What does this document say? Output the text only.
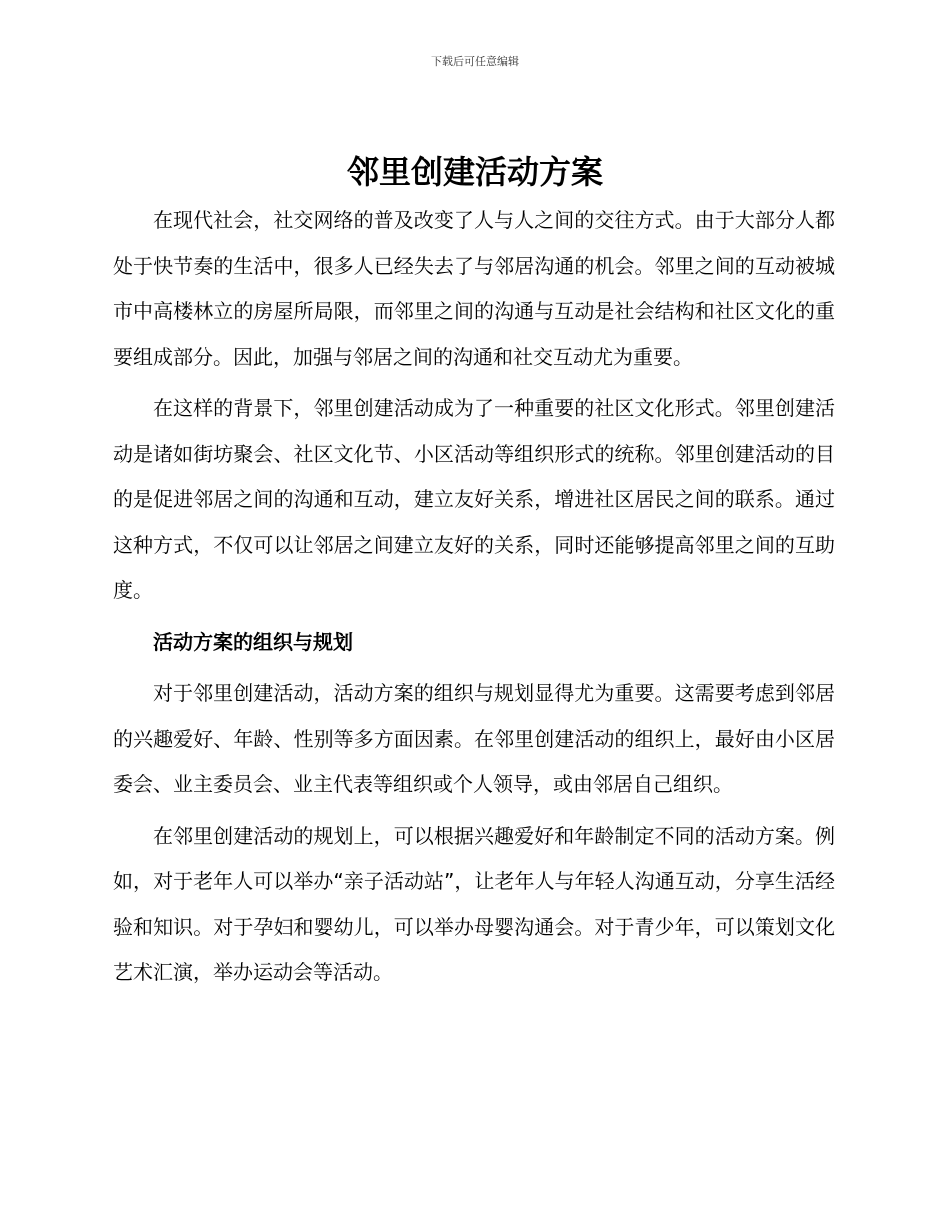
下载后可任意编辑
邻里创建活动方案

在现代社会，社交网络的普及改变了人与人之间的交往方式。由于大部分人都处于快节奏的生活中，很多人已经失去了与邻居沟通的机会。邻里之间的互动被城市中高楼林立的房屋所局限，而邻里之间的沟通与互动是社会结构和社区文化的重要组成部分。因此，加强与邻居之间的沟通和社交互动尤为重要。

在这样的背景下，邻里创建活动成为了一种重要的社区文化形式。邻里创建活动是诸如街坊聚会、社区文化节、小区活动等组织形式的统称。邻里创建活动的目的是促进邻居之间的沟通和互动，建立友好关系，增进社区居民之间的联系。通过这种方式，不仅可以让邻居之间建立友好的关系，同时还能够提高邻里之间的互助度。

活动方案的组织与规划

对于邻里创建活动，活动方案的组织与规划显得尤为重要。这需要考虑到邻居的兴趣爱好、年龄、性别等多方面因素。在邻里创建活动的组织上，最好由小区居委会、业主委员会、业主代表等组织或个人领导，或由邻居自己组织。

在邻里创建活动的规划上，可以根据兴趣爱好和年龄制定不同的活动方案。例如，对于老年人可以举办“亲子活动站”，让老年人与年轻人沟通互动，分享生活经验和知识。对于孕妇和婴幼儿，可以举办母婴沟通会。对于青少年，可以策划文化艺术汇演，举办运动会等活动。
